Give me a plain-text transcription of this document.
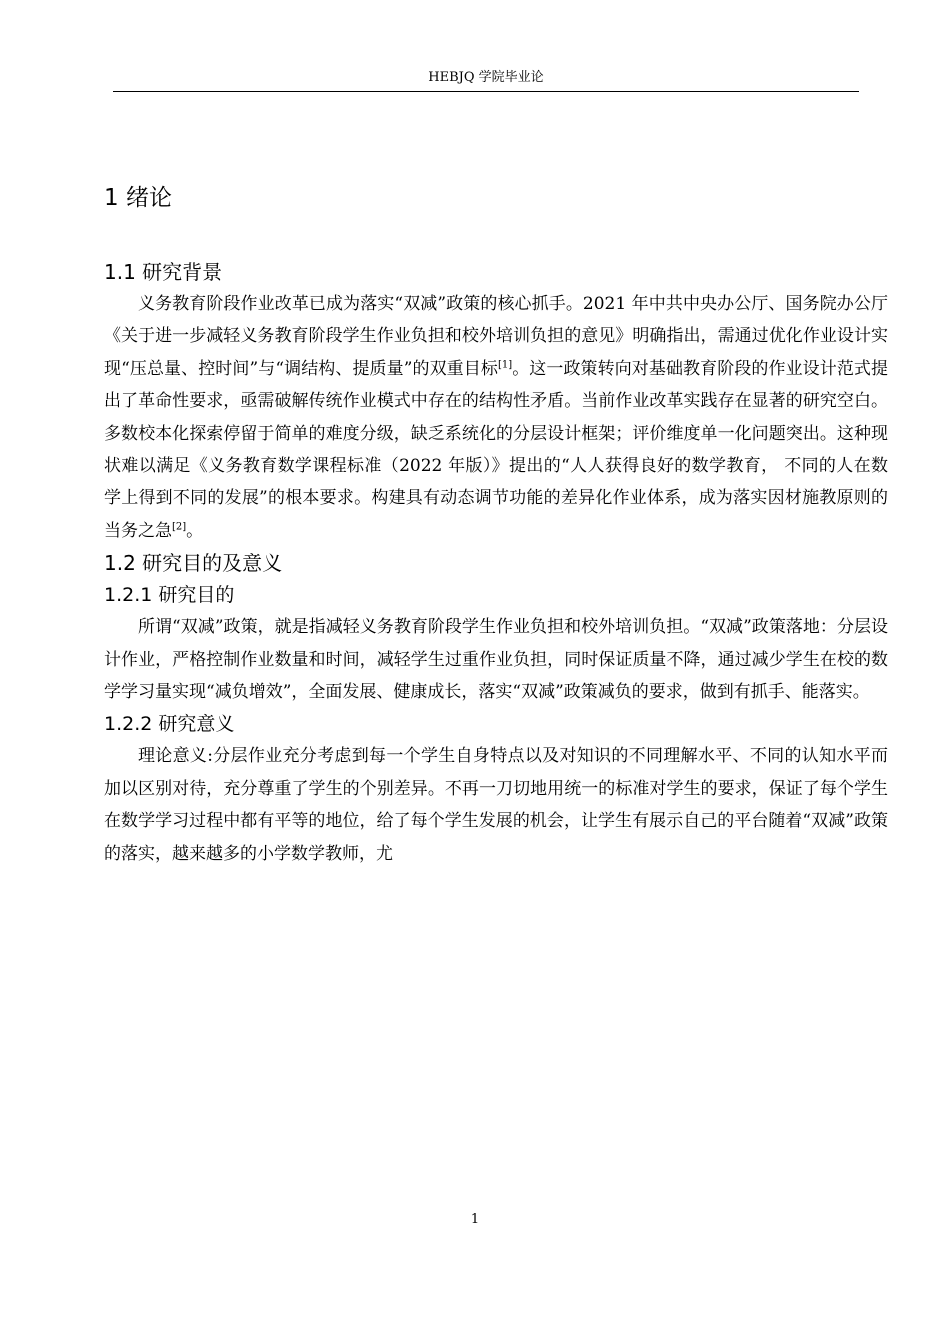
HEBJQ 学院毕业论
1 绪论
1.1 研究背景

义务教育阶段作业改革已成为落实“双减”政策的核心抓手。2021 年中共中央办公厅、国务院办公厅《关于进一步减轻义务教育阶段学生作业负担和校外培训负担的意见》明确指出，需通过优化作业设计实现“压总量、控时间”与“调结构、提质量”的双重目标[1]。这一政策转向对基础教育阶段的作业设计范式提出了革命性要求，亟需破解传统作业模式中存在的结构性矛盾。当前作业改革实践存在显著的研究空白。多数校本化探索停留于简单的难度分级，缺乏系统化的分层设计框架；评价维度单一化问题突出。这种现状难以满足《义务教育数学课程标准（2022 年版）》提出的“人人获得良好的数学教育， 不同的人在数学上得到不同的发展”的根本要求。构建具有动态调节功能的差异化作业体系，成为落实因材施教原则的当务之急[2]。

1.2 研究目的及意义
1.2.1 研究目的

所谓“双减”政策，就是指减轻义务教育阶段学生作业负担和校外培训负担。“双减”政策落地：分层设计作业，严格控制作业数量和时间，减轻学生过重作业负担，同时保证质量不降，通过减少学生在校的数学学习量实现“减负增效”，全面发展、健康成长，落实“双减”政策减负的要求，做到有抓手、能落实。

1.2.2 研究意义

理论意义:分层作业充分考虑到每一个学生自身特点以及对知识的不同理解水平、不同的认知水平而加以区别对待，充分尊重了学生的个别差异。不再一刀切地用统一的标准对学生的要求，保证了每个学生在数学学习过程中都有平等的地位，给了每个学生发展的机会，让学生有展示自己的平台随着“双减”政策的落实，越来越多的小学数学教师，尤

1
